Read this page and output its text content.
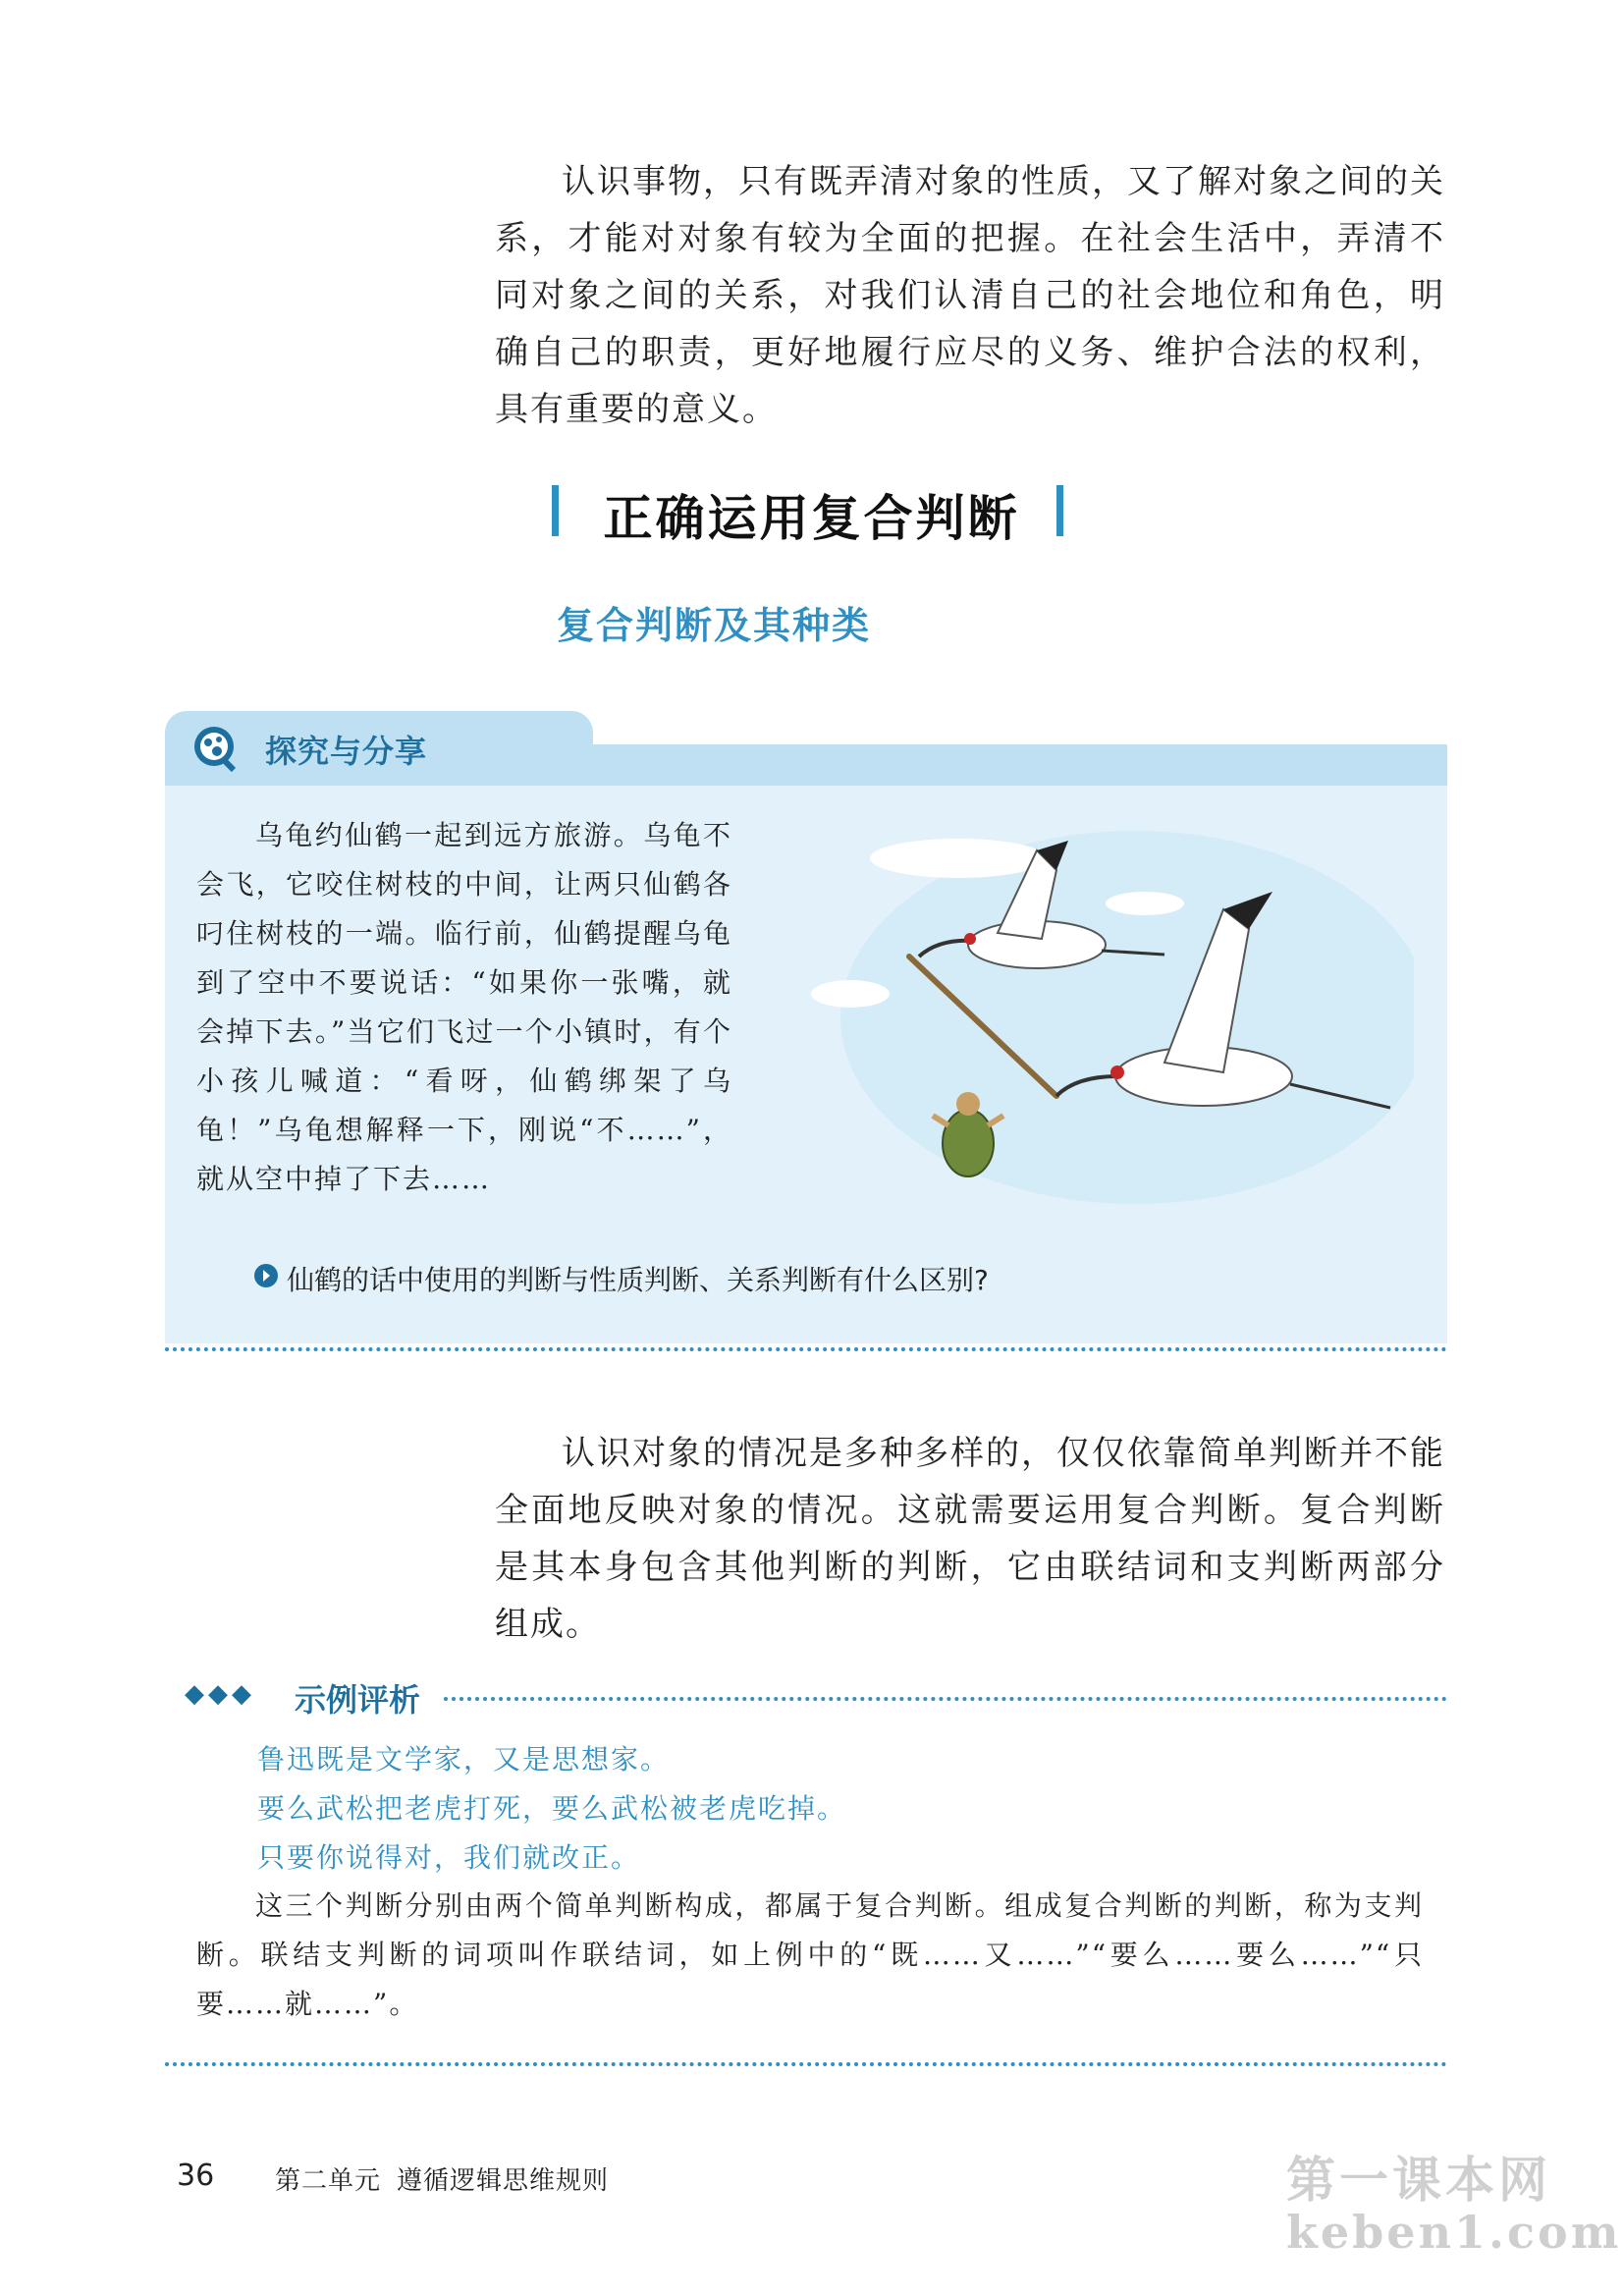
认识事物，只有既弄清对象的性质，又了解对象之间的关系，才能对对象有较为全面的把握。在社会生活中，弄清不同对象之间的关系，对我们认清自己的社会地位和角色，明确自己的职责，更好地履行应尽的义务、维护合法的权利，具有重要的意义。

正确运用复合判断
复合判断及其种类
探究与分享

乌龟约仙鹤一起到远方旅游。乌龟不会飞，它咬住树枝的中间，让两只仙鹤各叼住树枝的一端。临行前，仙鹤提醒乌龟到了空中不要说话：“如果你一张嘴，就会掉下去。”当它们飞过一个小镇时，有个小孩儿喊道：“看呀，仙鹤绑架了乌龟！”乌龟想解释一下，刚说“不……”，就从空中掉了下去……

仙鹤的话中使用的判断与性质判断、关系判断有什么区别?

认识对象的情况是多种多样的，仅仅依靠简单判断并不能全面地反映对象的情况。这就需要运用复合判断。复合判断是其本身包含其他判断的判断，它由联结词和支判断两部分组成。

◆◆◆ 示例评析
鲁迅既是文学家，又是思想家。
要么武松把老虎打死，要么武松被老虎吃掉。
只要你说得对，我们就改正。

这三个判断分别由两个简单判断构成，都属于复合判断。组成复合判断的判断，称为支判断。联结支判断的词项叫作联结词，如上例中的“既……又……”“要么……要么……”“只要……就……”。

36 第二单元 遵循逻辑思维规则	第一课本网
keben1.com
